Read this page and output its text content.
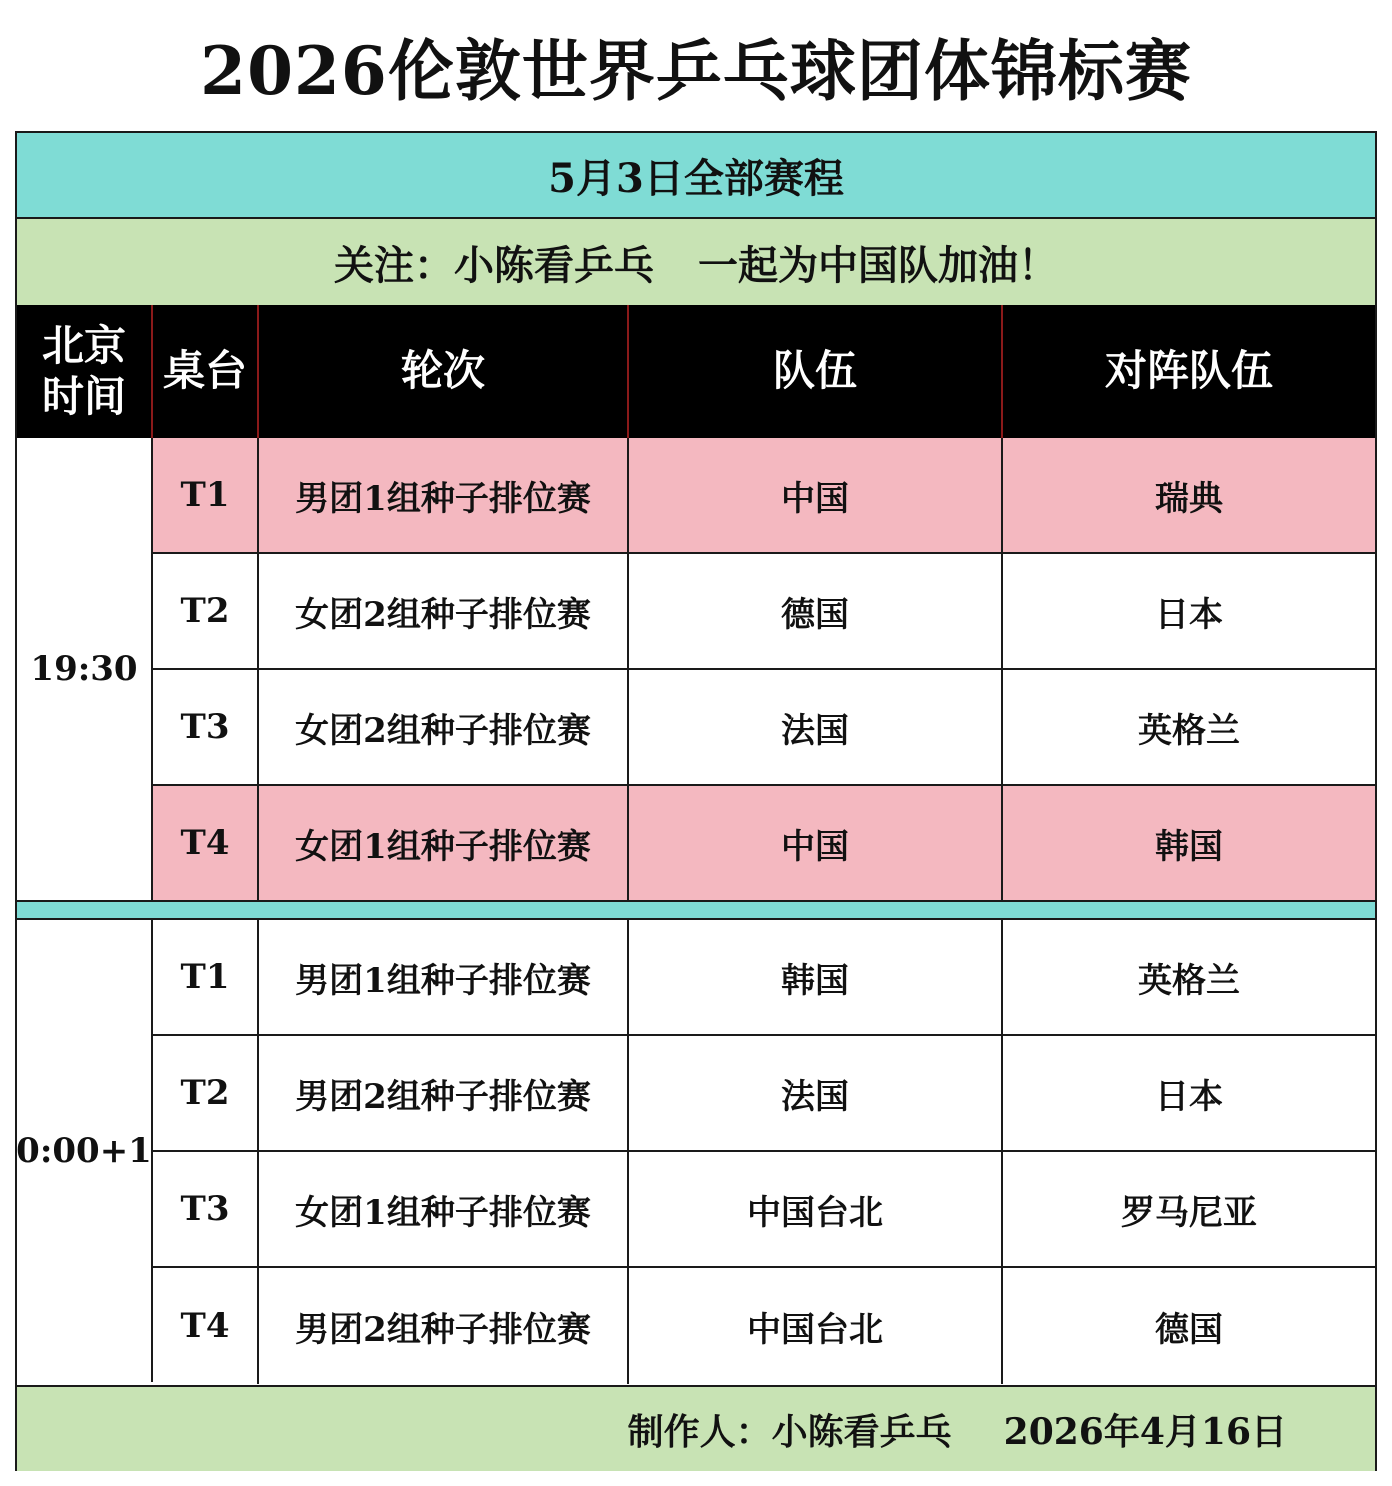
2026伦敦世界乒乓球团体锦标赛
5月3日全部赛程
关注：小陈看乒乓 一起为中国队加油！
北京
时间
桌台	轮次	队伍	对阵队伍
19:30
T1	男团1组种子排位赛	中国	瑞典
T2	女团2组种子排位赛	德国	日本
T3	女团2组种子排位赛	法国	英格兰
T4	女团1组种子排位赛	中国	韩国
0:00+1
T1	男团1组种子排位赛	韩国	英格兰
T2	男团2组种子排位赛	法国	日本
T3	女团1组种子排位赛	中国台北	罗马尼亚
T4	男团2组种子排位赛	中国台北	德国
制作人：小陈看乒乓 2026年4月16日
